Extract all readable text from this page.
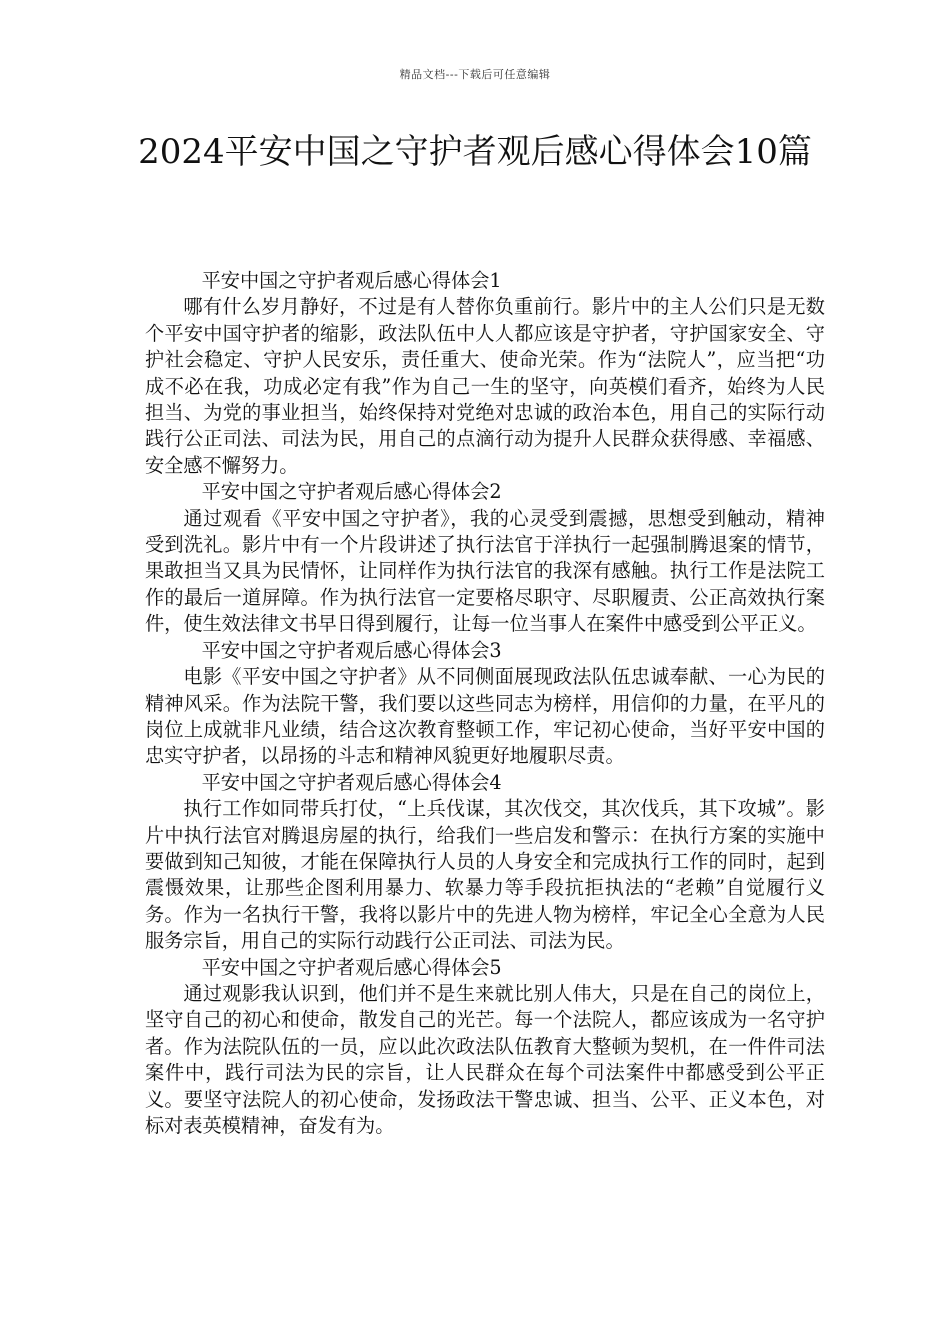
精品文档---下载后可任意编辑
2024平安中国之守护者观后感心得体会10篇

平安中国之守护者观后感心得体会1

哪有什么岁月静好，不过是有人替你负重前行。影片中的主人公们只是无数个平安中国守护者的缩影，政法队伍中人人都应该是守护者，守护国家安全、守护社会稳定、守护人民安乐，责任重大、使命光荣。作为“法院人”，应当把“功成不必在我，功成必定有我”作为自己一生的坚守，向英模们看齐，始终为人民担当、为党的事业担当，始终保持对党绝对忠诚的政治本色，用自己的实际行动践行公正司法、司法为民，用自己的点滴行动为提升人民群众获得感、幸福感、安全感不懈努力。

平安中国之守护者观后感心得体会2

通过观看《平安中国之守护者》，我的心灵受到震撼，思想受到触动，精神受到洗礼。影片中有一个片段讲述了执行法官于洋执行一起强制腾退案的情节，果敢担当又具为民情怀，让同样作为执行法官的我深有感触。执行工作是法院工作的最后一道屏障。作为执行法官一定要格尽职守、尽职履责、公正高效执行案件，使生效法律文书早日得到履行，让每一位当事人在案件中感受到公平正义。

平安中国之守护者观后感心得体会3

电影《平安中国之守护者》从不同侧面展现政法队伍忠诚奉献、一心为民的精神风采。作为法院干警，我们要以这些同志为榜样，用信仰的力量，在平凡的岗位上成就非凡业绩，结合这次教育整顿工作，牢记初心使命，当好平安中国的忠实守护者，以昂扬的斗志和精神风貌更好地履职尽责。

平安中国之守护者观后感心得体会4

执行工作如同带兵打仗，“上兵伐谋，其次伐交，其次伐兵，其下攻城”。影片中执行法官对腾退房屋的执行，给我们一些启发和警示：在执行方案的实施中要做到知己知彼，才能在保障执行人员的人身安全和完成执行工作的同时，起到震慑效果，让那些企图利用暴力、软暴力等手段抗拒执法的“老赖”自觉履行义务。作为一名执行干警，我将以影片中的先进人物为榜样，牢记全心全意为人民服务宗旨，用自己的实际行动践行公正司法、司法为民。

平安中国之守护者观后感心得体会5

通过观影我认识到，他们并不是生来就比别人伟大，只是在自己的岗位上，坚守自己的初心和使命，散发自己的光芒。每一个法院人，都应该成为一名守护者。作为法院队伍的一员，应以此次政法队伍教育大整顿为契机，在一件件司法案件中，践行司法为民的宗旨，让人民群众在每个司法案件中都感受到公平正义。要坚守法院人的初心使命，发扬政法干警忠诚、担当、公平、正义本色，对标对表英模精神，奋发有为。
